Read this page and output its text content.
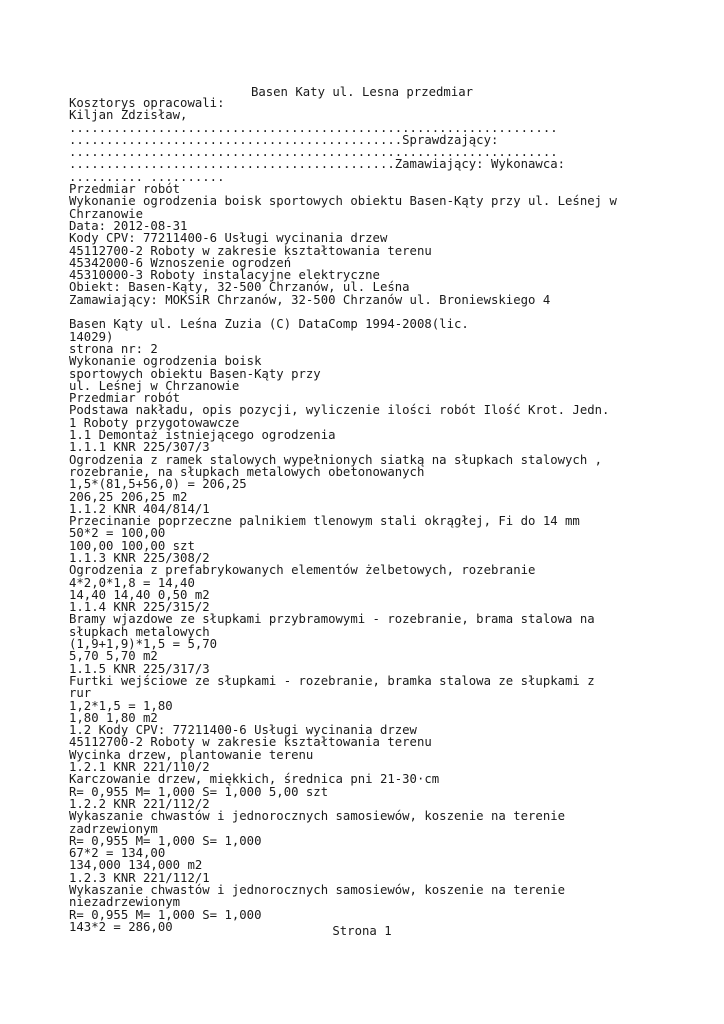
Basen Katy ul. Lesna przedmiar
Kosztorys opracowali:
Kiljan Zdzisław,
..................................................................
.............................................Sprawdzający:
..................................................................
............................................Zamawiający: Wykonawca:
.......... ..........
Przedmiar robót
Wykonanie ogrodzenia boisk sportowych obiektu Basen-Kąty przy ul. Leśnej w
Chrzanowie
Data: 2012-08-31
Kody CPV: 77211400-6 Usługi wycinania drzew
45112700-2 Roboty w zakresie kształtowania terenu
45342000-6 Wznoszenie ogrodzeń
45310000-3 Roboty instalacyjne elektryczne
Obiekt: Basen-Kąty, 32-500 Chrzanów, ul. Leśna
Zamawiający: MOKSiR Chrzanów, 32-500 Chrzanów ul. Broniewskiego 4
Basen Kąty ul. Leśna Zuzia (C) DataComp 1994-2008(lic.
14029)
strona nr: 2
Wykonanie ogrodzenia boisk
sportowych obiektu Basen-Kąty przy
ul. Leśnej w Chrzanowie
Przedmiar robót
Podstawa nakładu, opis pozycji, wyliczenie ilości robót Ilość Krot. Jedn.
1 Roboty przygotowawcze
1.1 Demontaż istniejącego ogrodzenia
1.1.1 KNR 225/307/3
Ogrodzenia z ramek stalowych wypełnionych siatką na słupkach stalowych ,
rozebranie, na słupkach metalowych obetonowanych
1,5*(81,5+56,0) = 206,25
206,25 206,25 m2
1.1.2 KNR 404/814/1
Przecinanie poprzeczne palnikiem tlenowym stali okrągłej, Fi do 14 mm
50*2 = 100,00
100,00 100,00 szt
1.1.3 KNR 225/308/2
Ogrodzenia z prefabrykowanych elementów żelbetowych, rozebranie
4*2,0*1,8 = 14,40
14,40 14,40 0,50 m2
1.1.4 KNR 225/315/2
Bramy wjazdowe ze słupkami przybramowymi - rozebranie, brama stalowa na
słupkach metalowych
(1,9+1,9)*1,5 = 5,70
5,70 5,70 m2
1.1.5 KNR 225/317/3
Furtki wejściowe ze słupkami - rozebranie, bramka stalowa ze słupkami z
rur
1,2*1,5 = 1,80
1,80 1,80 m2
1.2 Kody CPV: 77211400-6 Usługi wycinania drzew
45112700-2 Roboty w zakresie kształtowania terenu
Wycinka drzew, plantowanie terenu
1.2.1 KNR 221/110/2
Karczowanie drzew, miękkich, średnica pni 21-30·cm
R= 0,955 M= 1,000 S= 1,000 5,00 szt
1.2.2 KNR 221/112/2
Wykaszanie chwastów i jednorocznych samosiewów, koszenie na terenie
zadrzewionym
R= 0,955 M= 1,000 S= 1,000
67*2 = 134,00
134,000 134,000 m2
1.2.3 KNR 221/112/1
Wykaszanie chwastów i jednorocznych samosiewów, koszenie na terenie
niezadrzewionym
R= 0,955 M= 1,000 S= 1,000
143*2 = 286,00	Strona 1
